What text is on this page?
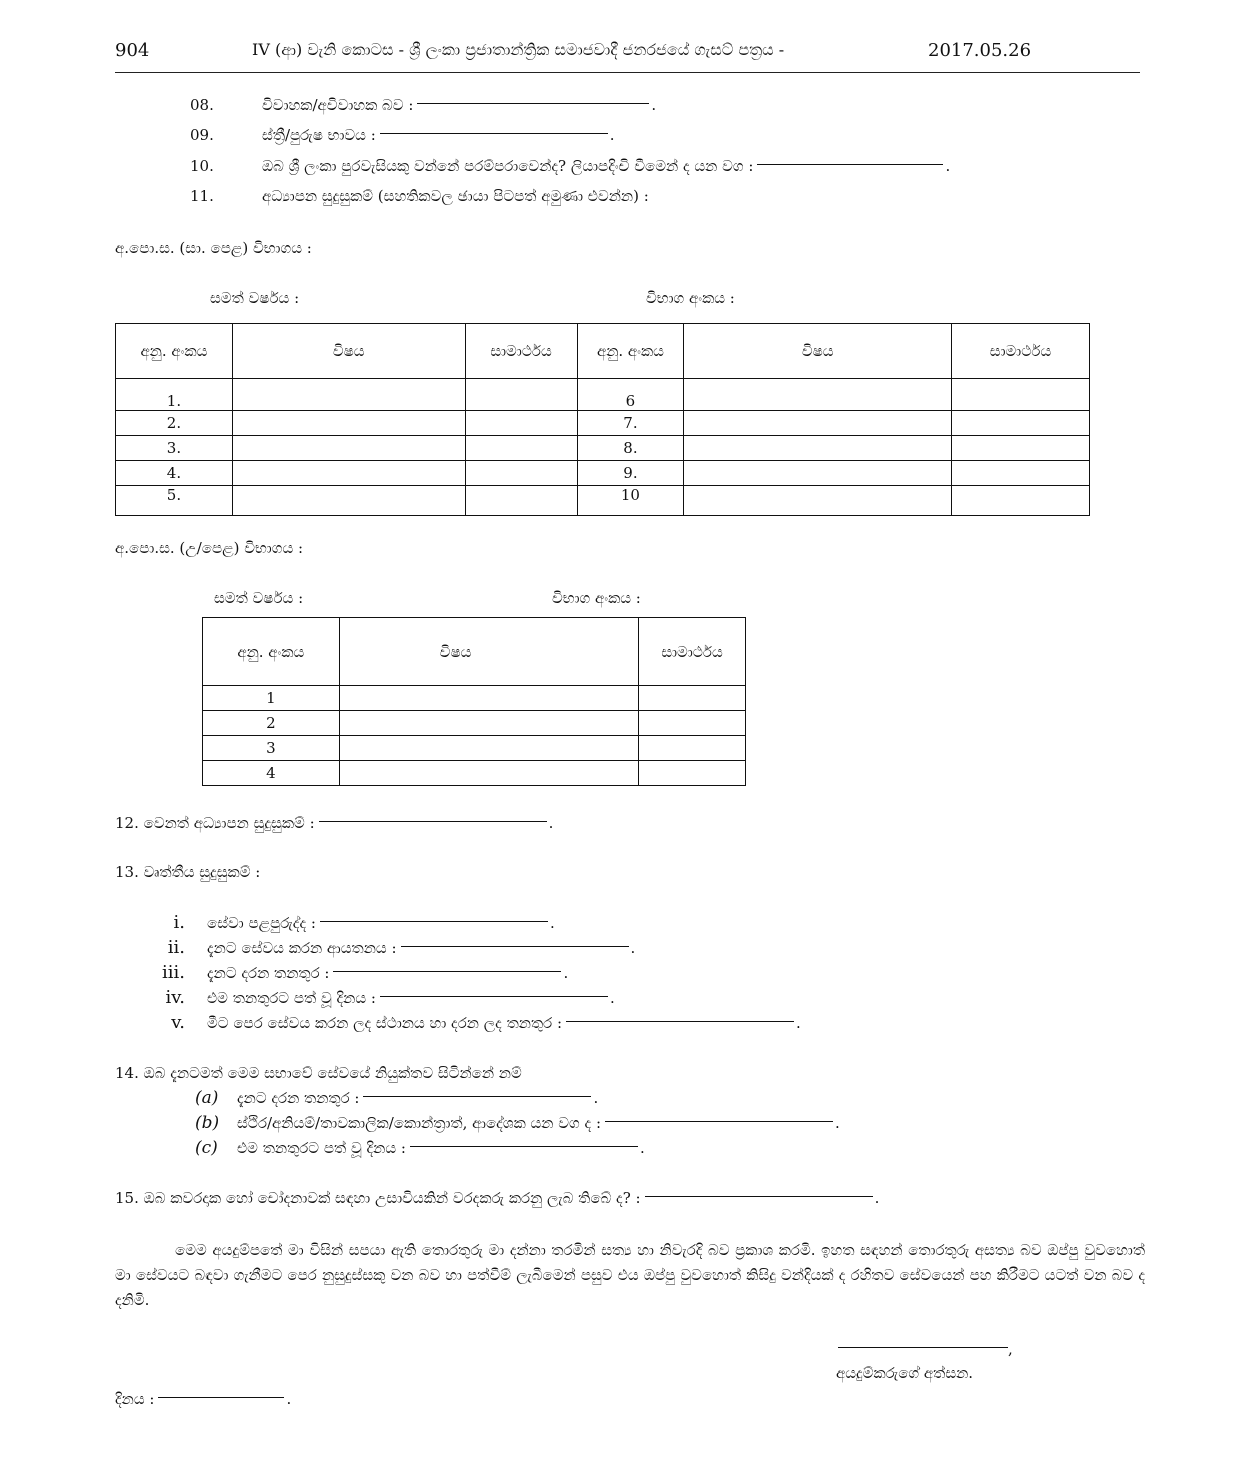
904	IV (ආ) වැනි කොටස - ශ්‍රී ලංකා ප්‍රජාතාන්ත්‍රික සමාජවාදී ජනරජයේ ගැසට් පත්‍රය -	2017.05.26
08.	විවාහක/අවිවාහක බව :	.
09.	ස්ත්‍රී/පුරුෂ භාවය :	.
10.	ඔබ ශ්‍රී ලංකා පුරවැසියකු වන්නේ පරම්පරාවෙන්ද? ලියාපදිංචි වීමෙන් ද යන වග :	.
11.	අධ්‍යාපන සුදුසුකම් (සහතිකවල ඡායා පිටපත් අමුණා එවන්න) :
අ.පො.ස. (සා. පෙළ) විභාගය ‍:
සමත් වර්ෂය :	විභාග අංකය :
අනු. අංකය	විෂය	සාමාර්ථය	අනු. අංකය	විෂය	සාමාර්ථය
1.			6		
2.			7.		
3.			8.		
4.			9.		
5.			10		
අ.පො.ස. (උ/පෙළ) විභාගය ‍:
සමත් වර්ෂය :	විභාග අංකය :
අනු. අංකය	විෂය	සාමාර්ථය
1		
2		
3		
4		
12. වෙනත් අධ්‍යාපන සුදුසුකම් :	.
13. වෘත්තීය සුදුසුකම් :
i. සේවා පළපුරුද්ද :	.
ii. දැනට සේවය කරන ආයතනය :	.
iii. දැනට දරන තනතුර :	.
iv. එම තනතුරට පත් වූ දිනය :	.
v. මීට පෙර සේවය කරන ලද ස්ථානය හා දරන ලද තනතුර :	.
14. ඔබ දැනටමත් මෙම සභාවේ සේවයේ නියුක්තව සිටින්නේ නම්
(a) දැනට දරන තනතුර :	.
(b) ස්ථිර/අනියම්/තාවකාලික/කොන්ත්‍රාත්, ආදේශක යන වග ද :	.
(c) එම තනතුරට පත් වූ දිනය :	.
15. ඔබ කවරදාක හෝ චෝදනාවක් සඳහා උසාවියකින් වරදකරු කරනු ලැබ තිබේ ද? :	.
මෙම අයදුම්පතේ මා විසින් සපයා ඇති තොරතුරු මා දන්නා තරමින් සත්‍ය හා නිවැරදි බව ප්‍රකාශ කරමි. ඉහත සඳහන් තොරතුරු අසත්‍ය බව ඔප්පු වුවහොත් මා සේවයට බඳවා ගැනීමට පෙර නුසුදුස්සකු වන බව හා පත්වීම් ලැබීමෙන් පසුව එය ඔප්පු වුවහොත් කිසිදු වන්දියක් ද රහිතව සේවයෙන් පහ කිරීමට යටත් වන බව ද දනිමි.
,
අයදුම්කරුගේ අත්සන.
දිනය :	.
